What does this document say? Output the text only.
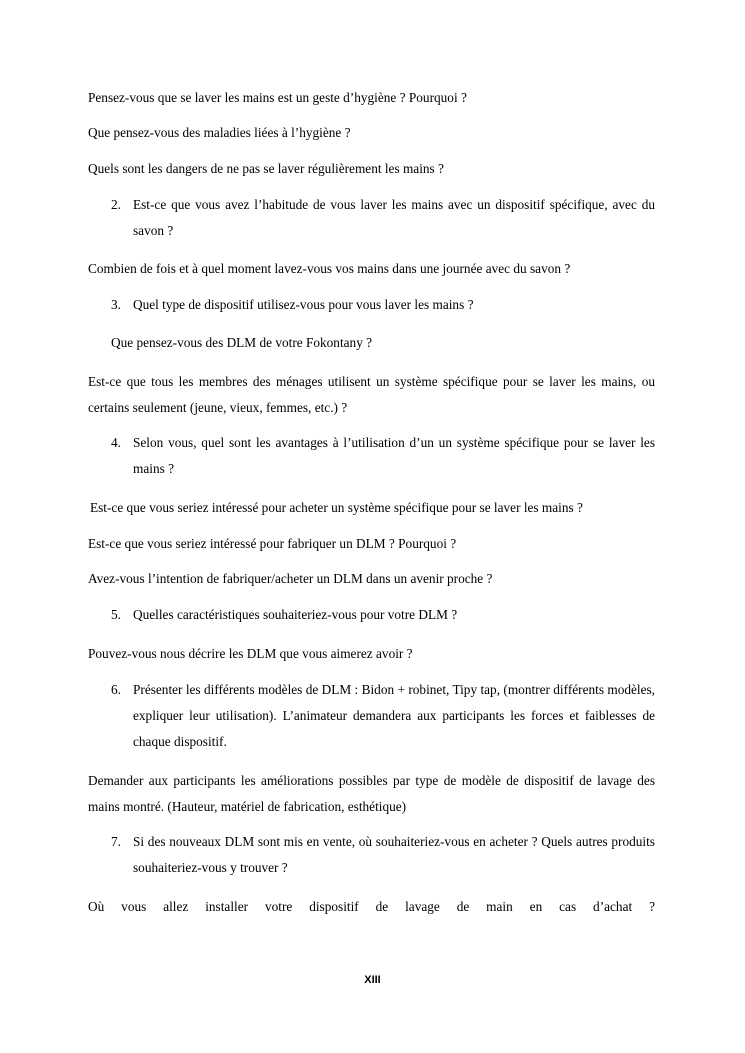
Pensez-vous que se laver les mains est un geste d’hygiène ? Pourquoi ?

Que pensez-vous des maladies liées à l’hygiène ?

Quels sont les dangers de ne pas se laver régulièrement les mains ?

2. Est-ce que vous avez l’habitude de vous laver les mains avec un dispositif spécifique, avec du savon ?

Combien de fois et à quel moment lavez-vous vos mains dans une journée avec du savon ?

3. Quel type de dispositif utilisez-vous pour vous laver les mains ?

Que pensez-vous des DLM de votre Fokontany ?

Est-ce que tous les membres des ménages utilisent un système spécifique pour se laver les mains, ou certains seulement (jeune, vieux, femmes, etc.) ?

4. Selon vous, quel sont les avantages à l’utilisation d’un un système spécifique pour se laver les mains ?

Est-ce que vous seriez intéressé pour acheter un système spécifique pour se laver les mains ?

Est-ce que vous seriez intéressé pour fabriquer un DLM ? Pourquoi ?

Avez-vous l’intention de fabriquer/acheter un DLM dans un avenir proche ?

5. Quelles caractéristiques souhaiteriez-vous pour votre DLM ?

Pouvez-vous nous décrire les DLM que vous aimerez avoir ?

6. Présenter les différents modèles de DLM : Bidon + robinet, Tipy tap, (montrer différents modèles, expliquer leur utilisation). L’animateur demandera aux participants les forces et faiblesses de chaque dispositif.

Demander aux participants les améliorations possibles par type de modèle de dispositif de lavage des mains montré. (Hauteur, matériel de fabrication, esthétique)

7. Si des nouveaux DLM sont mis en vente, où souhaiteriez-vous en acheter ? Quels autres produits souhaiteriez-vous y trouver ?

Où vous allez installer votre dispositif de lavage de main en cas d’achat ?

XIII
